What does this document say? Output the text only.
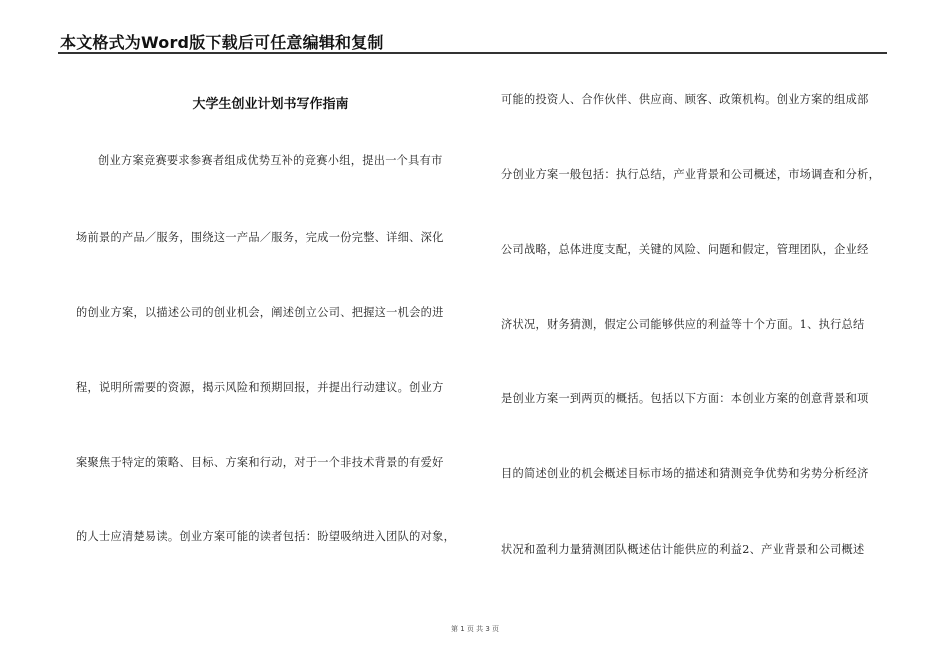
本文格式为Word版下载后可任意编辑和复制
大学生创业计划书写作指南
创业方案竞赛要求参赛者组成优势互补的竞赛小组，提出一个具有市
场前景的产品／服务，围绕这一产品／服务，完成一份完整、详细、深化
的创业方案，以描述公司的创业机会，阐述创立公司、把握这一机会的进
程，说明所需要的资源，揭示风险和预期回报，并提出行动建议。创业方
案聚焦于特定的策略、目标、方案和行动，对于一个非技术背景的有爱好
的人士应清楚易读。创业方案可能的读者包括：盼望吸纳进入团队的对象，
可能的投资人、合作伙伴、供应商、顾客、政策机构。创业方案的组成部
分创业方案一般包括：执行总结，产业背景和公司概述，市场调查和分析，
公司战略，总体进度支配，关键的风险、问题和假定，管理团队，企业经
济状况，财务猜测，假定公司能够供应的利益等十个方面。1、执行总结
是创业方案一到两页的概括。包括以下方面：本创业方案的创意背景和项
目的简述创业的机会概述目标市场的描述和猜测竞争优势和劣势分析经济
状况和盈利力量猜测团队概述估计能供应的利益2、产业背景和公司概述
第 1 页 共 3 页
